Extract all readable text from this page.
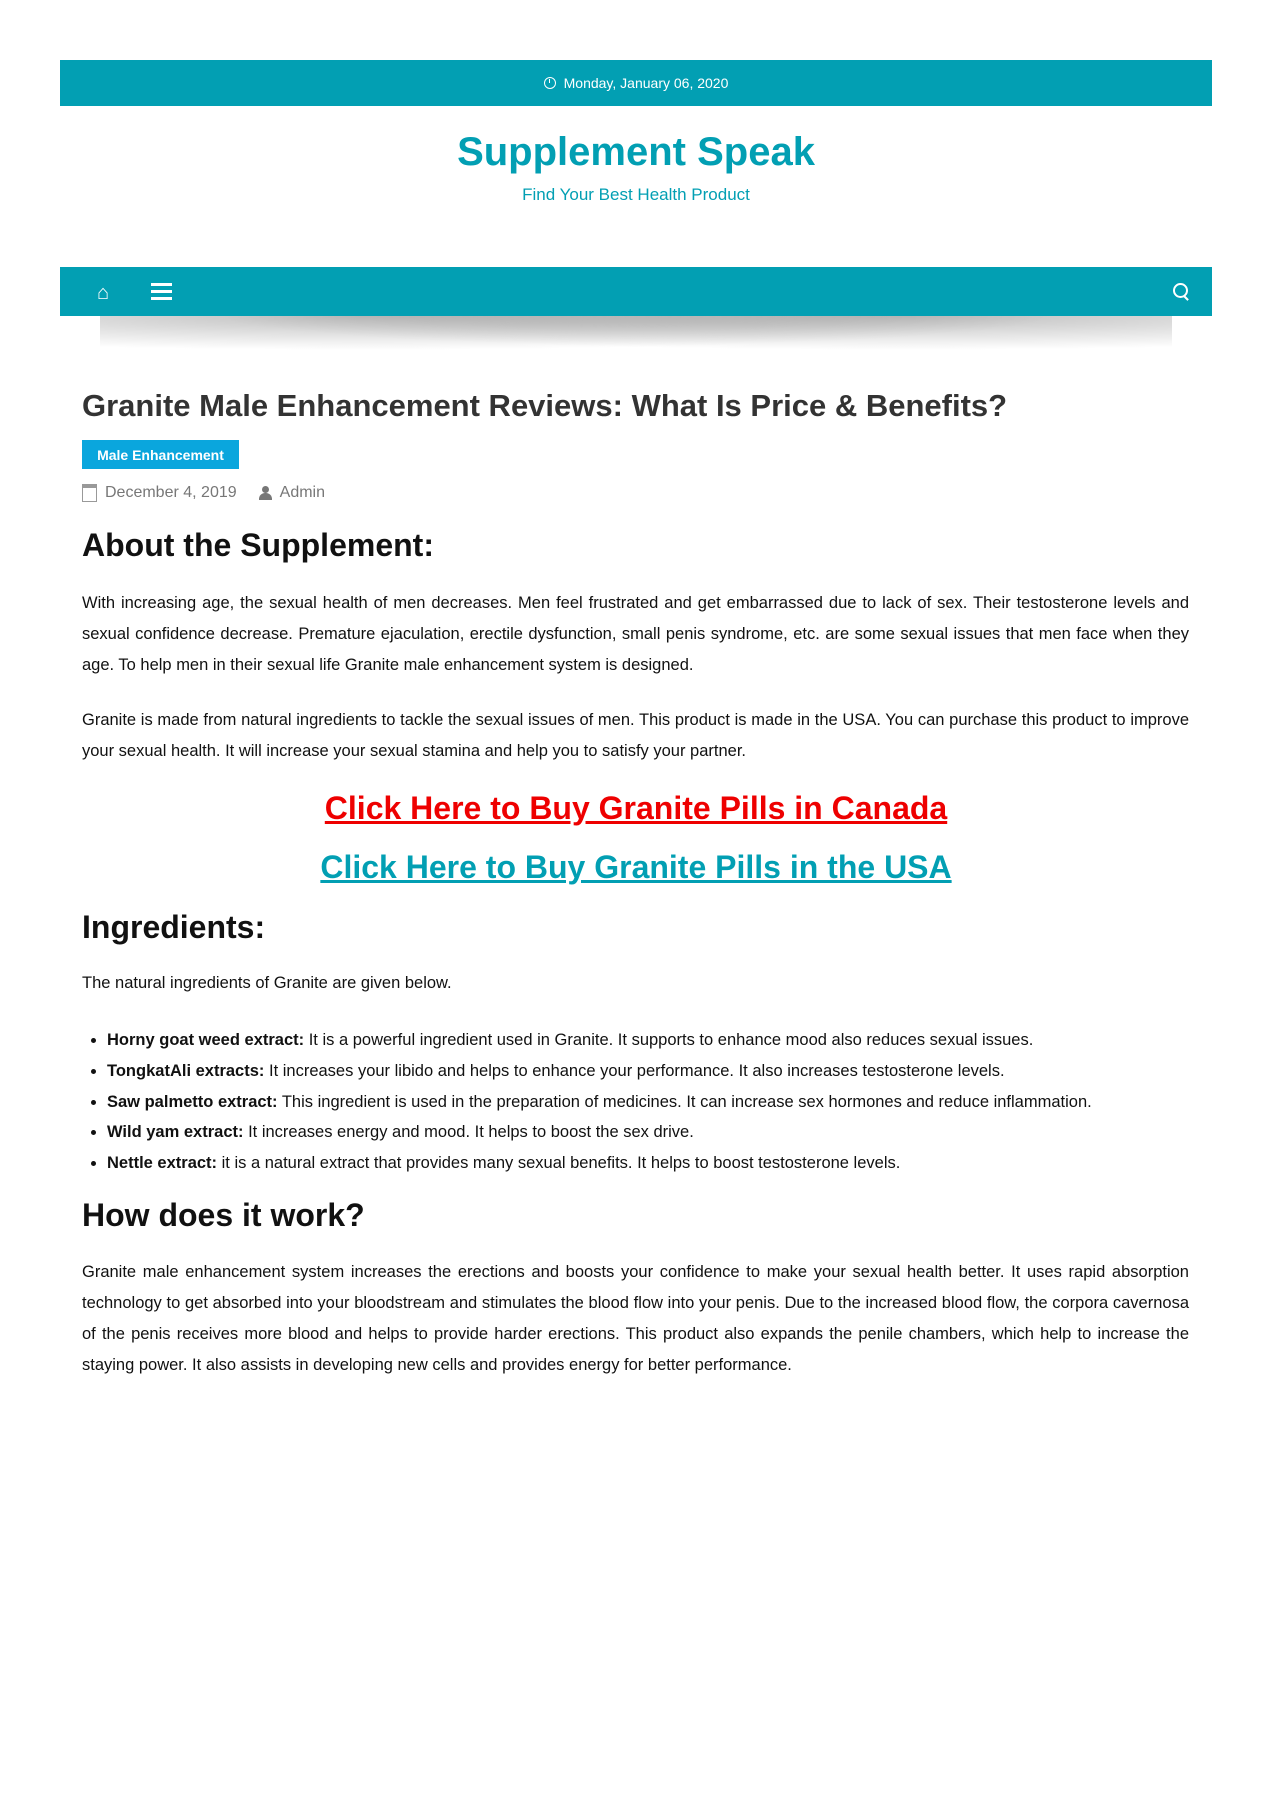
Monday, January 06, 2020
Supplement Speak
Find Your Best Health Product
⌂
Granite Male Enhancement Reviews: What Is Price & Benefits?
Male Enhancement
December 4, 2019	Admin
About the Supplement:

With increasing age, the sexual health of men decreases. Men feel frustrated and get embarrassed due to lack of sex. Their testosterone levels and sexual confidence decrease. Premature ejaculation, erectile dysfunction, small penis syndrome, etc. are some sexual issues that men face when they age. To help men in their sexual life Granite male enhancement system is designed.

Granite is made from natural ingredients to tackle the sexual issues of men. This product is made in the USA. You can purchase this product to improve your sexual health. It will increase your sexual stamina and help you to satisfy your partner.

Click Here to Buy Granite Pills in Canada
Click Here to Buy Granite Pills in the USA
Ingredients:

The natural ingredients of Granite are given below.

• Horny goat weed extract: It is a powerful ingredient used in Granite. It supports to enhance mood also reduces sexual issues.
• TongkatAli extracts: It increases your libido and helps to enhance your performance. It also increases testosterone levels.
• Saw palmetto extract: This ingredient is used in the preparation of medicines. It can increase sex hormones and reduce inflammation.
• Wild yam extract: It increases energy and mood. It helps to boost the sex drive.
• Nettle extract: it is a natural extract that provides many sexual benefits. It helps to boost testosterone levels.
How does it work?

Granite male enhancement system increases the erections and boosts your confidence to make your sexual health better. It uses rapid absorption technology to get absorbed into your bloodstream and stimulates the blood flow into your penis. Due to the increased blood flow, the corpora cavernosa of the penis receives more blood and helps to provide harder erections. This product also expands the penile chambers, which help to increase the staying power. It also assists in developing new cells and provides energy for better performance.
